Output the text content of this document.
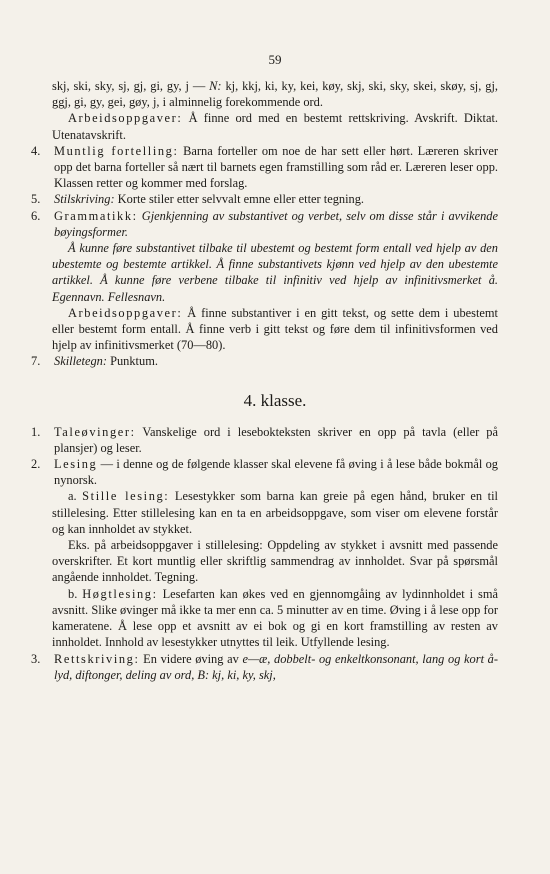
59

skj, ski, sky, sj, gj, gi, gy, j — N: kj, kkj, ki, ky, kei, køy, skj, ski, sky, skei, skøy, sj, gj, ggj, gi, gy, gei, gøy, j, i alminnelig forekommende ord.

Arbeidsoppgaver: Å finne ord med en bestemt rettskriving. Avskrift. Diktat. Utenatavskrift.

4. Muntlig fortelling: Barna forteller om noe de har sett eller hørt. Læreren skriver opp det barna forteller så nært til barnets egen framstilling som råd er. Læreren leser opp. Klassen retter og kommer med forslag.

5. Stilskriving: Korte stiler etter selvvalt emne eller etter tegning.

6. Grammatikk: Gjenkjenning av substantivet og verbet, selv om disse står i avvikende bøyingsformer.

Å kunne føre substantivet tilbake til ubestemt og bestemt form entall ved hjelp av den ubestemte og bestemte artikkel. Å finne substantivets kjønn ved hjelp av den ubestemte artikkel. Å kunne føre verbene tilbake til infinitiv ved hjelp av infinitivsmerket å. Egennavn. Fellesnavn.

Arbeidsoppgaver: Å finne substantiver i en gitt tekst, og sette dem i ubestemt eller bestemt form entall. Å finne verb i gitt tekst og føre dem til infinitivsformen ved hjelp av infinitivsmerket (70—80).

7. Skilletegn: Punktum.

4. klasse.

1. Taleøvinger: Vanskelige ord i lesebokteksten skriver en opp på tavla (eller på plansjer) og leser.

2. Lesing — i denne og de følgende klasser skal elevene få øving i å lese både bokmål og nynorsk.

a. Stille lesing: Lesestykker som barna kan greie på egen hånd, bruker en til stillelesing. Etter stillelesing kan en ta en arbeidsoppgave, som viser om elevene forstår og kan innholdet av stykket.

Eks. på arbeidsoppgaver i stillelesing: Oppdeling av stykket i avsnitt med passende overskrifter. Et kort muntlig eller skriftlig sammendrag av innholdet. Svar på spørsmål angående innholdet. Tegning.

b. Høgtlesing: Lesefarten kan økes ved en gjennomgåing av lydinnholdet i små avsnitt. Slike øvinger må ikke ta mer enn ca. 5 minutter av en time. Øving i å lese opp for kameratene. Å lese opp et avsnitt av ei bok og gi en kort framstilling av resten av innholdet. Innhold av lesestykker utnyttes til leik. Utfyllende lesing.

3. Rettskriving: En videre øving av e—æ, dobbelt- og enkeltkonsonant, lang og kort å-lyd, diftonger, deling av ord, B: kj, ki, ky, skj,
